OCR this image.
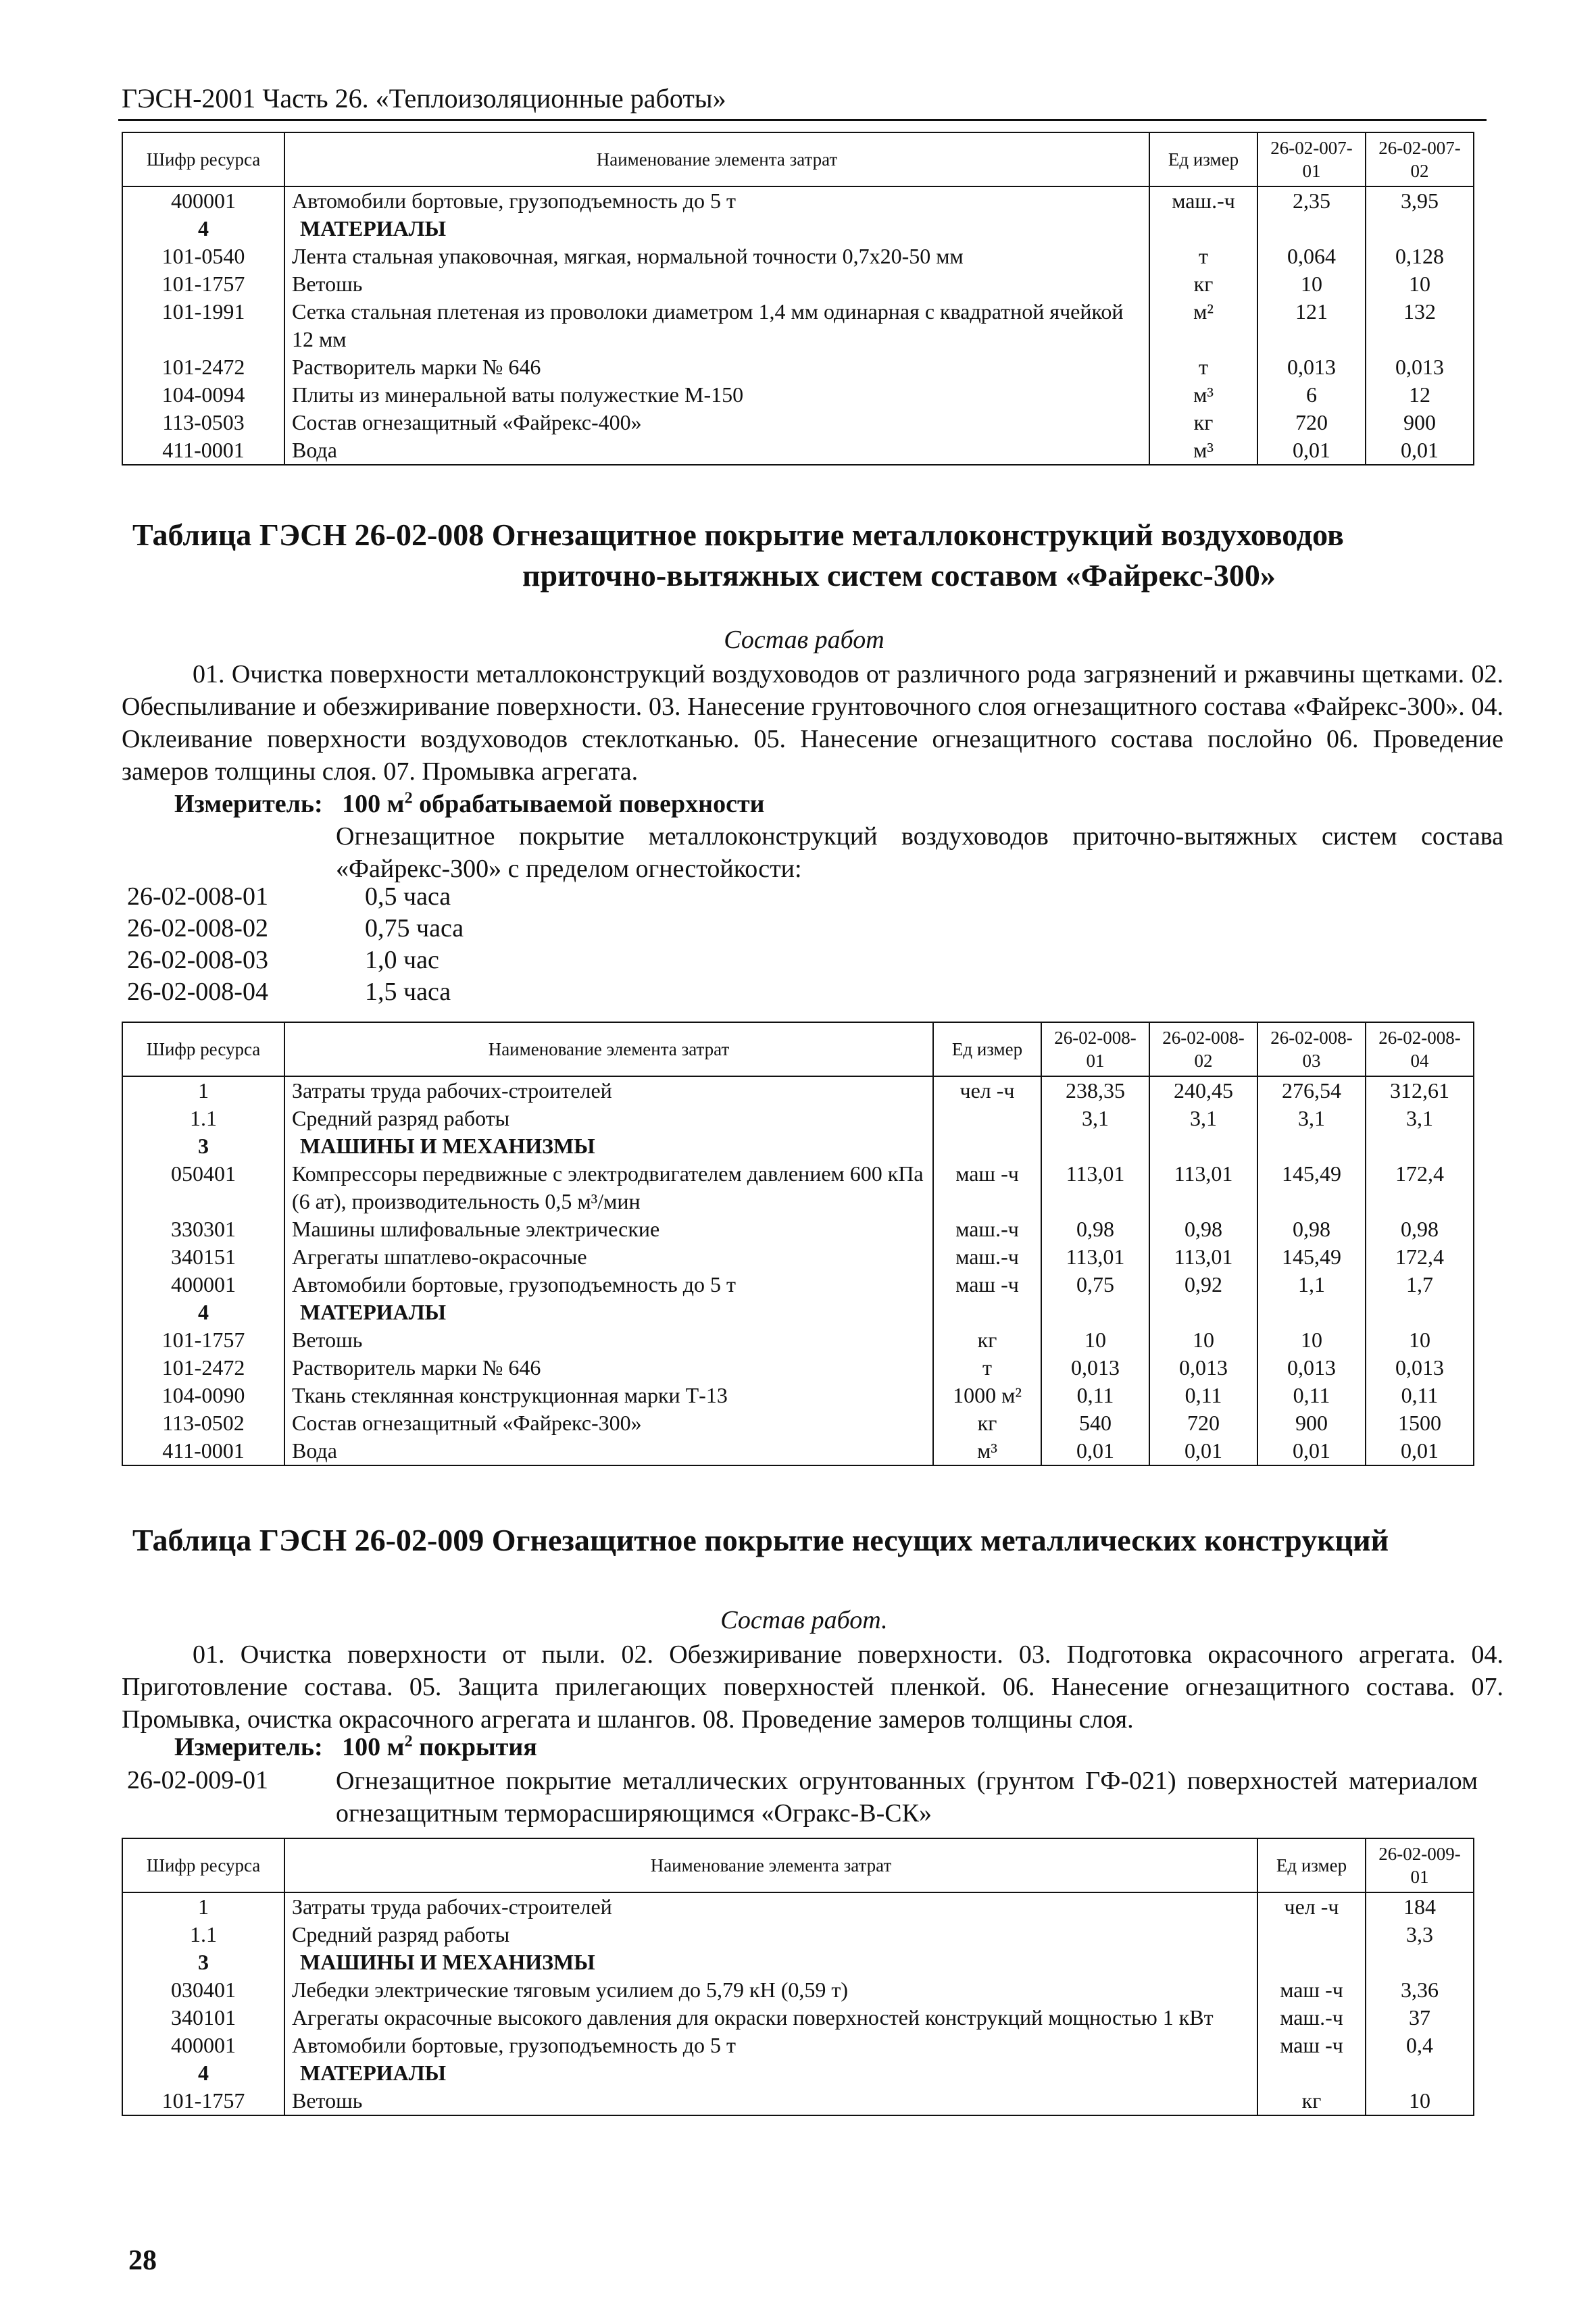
ГЭСН-2001 Часть 26. «Теплоизоляционные работы»
Шифр ресурса	Наименование элемента затрат	Ед измер	26-02-007-01	26-02-007-02
400001	Автомобили бортовые, грузоподъемность до 5 т	маш.-ч	2,35	3,95
4	МАТЕРИАЛЫ			
101-0540	Лента стальная упаковочная, мягкая, нормальной точности 0,7х20-50 мм	т	0,064	0,128
101-1757	Ветошь	кг	10	10
101-1991	Сетка стальная плетеная из проволоки диаметром 1,4 мм одинарная с квадратной ячейкой 12 мм	м²	121	132
101-2472	Растворитель марки № 646	т	0,013	0,013
104-0094	Плиты из минеральной ваты полужесткие М-150	м³	6	12
113-0503	Состав огнезащитный «Файрекс-400»	кг	720	900
411-0001	Вода	м³	0,01	0,01
Таблица ГЭСН 26-02-008 Огнезащитное покрытие металлоконструкций воздуховодов
приточно-вытяжных систем составом «Файрекс-300»
Состав работ
01. Очистка поверхности металлоконструкций воздуховодов от различного рода загрязнений и ржавчины щетками. 02. Обеспыливание и обезжиривание поверхности. 03. Нанесение грунтовочного слоя огнезащитного состава «Файрекс-300». 04. Оклеивание поверхности воздуховодов стеклотканью. 05. Нанесение огнезащитного состава послойно 06. Проведение замеров толщины слоя. 07. Промывка агрегата.
Измеритель:   100 $м^2$ обрабатываемой поверхности
Огнезащитное покрытие металлоконструкций воздуховодов приточно-вытяжных систем состава «Файрекс-300» с пределом огнестойкости:
26-02-008-01	0,5 часа
26-02-008-02	0,75 часа
26-02-008-03	1,0 час
26-02-008-04	1,5 часа
Шифр ресурса	Наименование элемента затрат	Ед измер	26-02-008-01	26-02-008-02	26-02-008-03	26-02-008-04
1	Затраты труда рабочих-строителей	чел -ч	238,35	240,45	276,54	312,61
1.1	Средний разряд работы		3,1	3,1	3,1	3,1
3	МАШИНЫ И МЕХАНИЗМЫ					
050401	Компрессоры передвижные с электродвигателем давлением 600 кПа (6 ат), производительность 0,5 м³/мин	маш -ч	113,01	113,01	145,49	172,4
330301	Машины шлифовальные электрические	маш.-ч	0,98	0,98	0,98	0,98
340151	Агрегаты шпатлево-окрасочные	маш.-ч	113,01	113,01	145,49	172,4
400001	Автомобили бортовые, грузоподъемность до 5 т	маш -ч	0,75	0,92	1,1	1,7
4	МАТЕРИАЛЫ					
101-1757	Ветошь	кг	10	10	10	10
101-2472	Растворитель марки № 646	т	0,013	0,013	0,013	0,013
104-0090	Ткань стеклянная конструкционная марки Т-13	1000 м²	0,11	0,11	0,11	0,11
113-0502	Состав огнезащитный «Файрекс-300»	кг	540	720	900	1500
411-0001	Вода	м³	0,01	0,01	0,01	0,01
Таблица ГЭСН 26-02-009 Огнезащитное покрытие несущих металлических конструкций
Состав работ.
01. Очистка поверхности от пыли. 02. Обезжиривание поверхности. 03. Подготовка окрасочного агрегата. 04. Приготовление состава. 05. Защита прилегающих поверхностей пленкой. 06. Нанесение огнезащитного состава. 07. Промывка, очистка окрасочного агрегата и шлангов. 08. Проведение замеров толщины слоя.
Измеритель:   100 $м^2$ покрытия
26-02-009-01	Огнезащитное покрытие металлических огрунтованных (грунтом ГФ-021) поверхностей материалом огнезащитным терморасширяющимся «Огракс-В-СК»
Шифр ресурса	Наименование элемента затрат	Ед измер	26-02-009-01
1	Затраты труда рабочих-строителей	чел -ч	184
1.1	Средний разряд работы		3,3
3	МАШИНЫ И МЕХАНИЗМЫ		
030401	Лебедки электрические тяговым усилием до 5,79 кН (0,59 т)	маш -ч	3,36
340101	Агрегаты окрасочные высокого давления для окраски поверхностей конструкций мощностью 1 кВт	маш.-ч	37
400001	Автомобили бортовые, грузоподъемность до 5 т	маш -ч	0,4
4	МАТЕРИАЛЫ		
101-1757	Ветошь	кг	10
28
